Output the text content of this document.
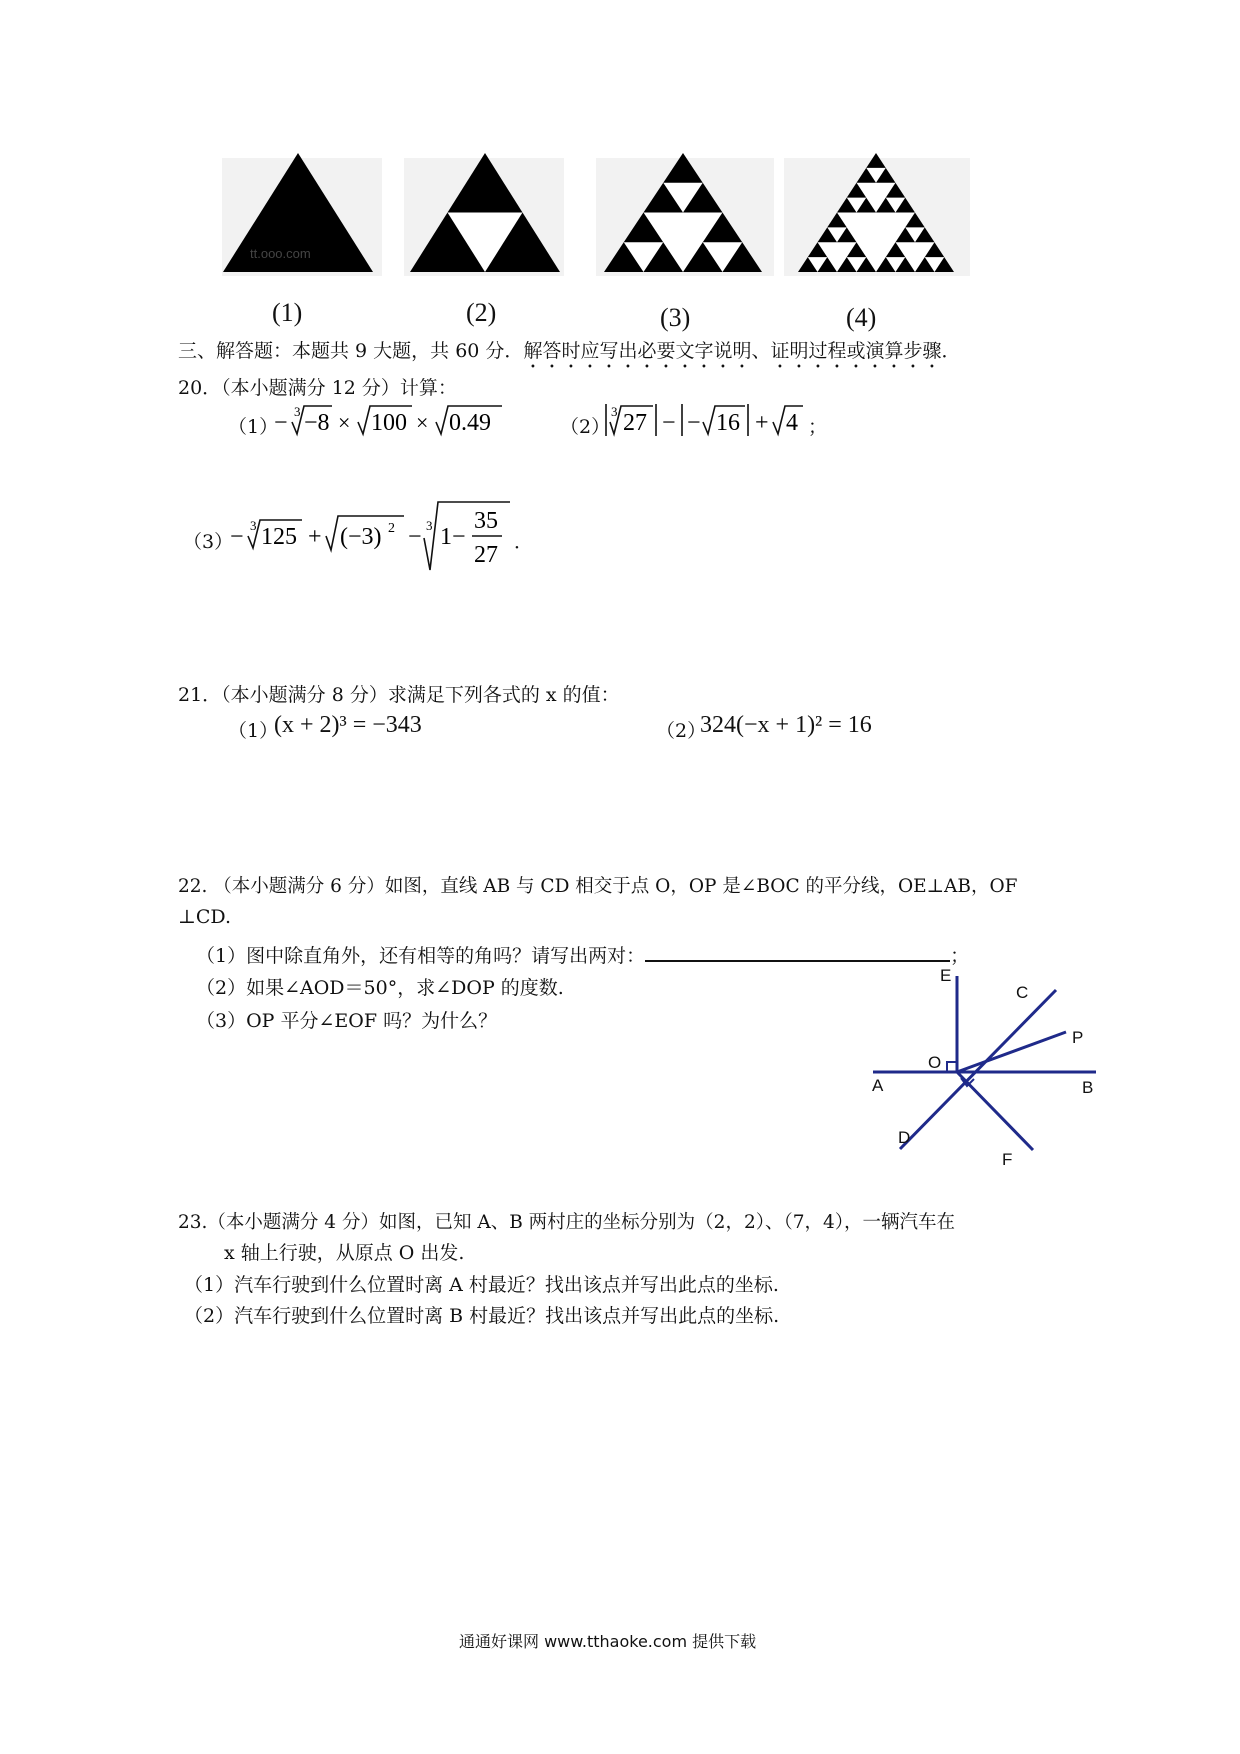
tt.ooo.com
(1)	(2)	(3)	(4)
三、解答题：本题共 9 大题，共 60 分．解答时应写出必要文字说明、证明过程或演算步骤．
20．（本小题满分 12 分）计算：
（1）
− 3 −8 × 100 × 0.49	（2）
3 27 − − 16 + 4 ；
（3）
− 3 125 + (−3) 2 − 3 1−
35
27 ．
21．（本小题满分 8 分）求满足下列各式的 x 的值：
（1）
(x + 2)³ = −343	（2）
324(−x + 1)² = 16
22. （本小题满分 6 分）如图，直线 AB 与 CD 相交于点 O，OP 是∠BOC 的平分线，OE⊥AB，OF
⊥CD.
（1）图中除直角外，还有相等的角吗？请写出两对：	；
（2）如果∠AOD＝50°，求∠DOP 的度数.
（3）OP 平分∠EOF 吗？为什么？
E
C
P
O
A	B
D
F
23.（本小题满分 4 分）如图，已知 A、B 两村庄的坐标分别为（2，2）、（7，4），一辆汽车在
x 轴上行驶，从原点 O 出发.
（1）汽车行驶到什么位置时离 A 村最近？找出该点并写出此点的坐标.
（2）汽车行驶到什么位置时离 B 村最近？找出该点并写出此点的坐标.
通通好课网 www.tthaoke.com 提供下载
